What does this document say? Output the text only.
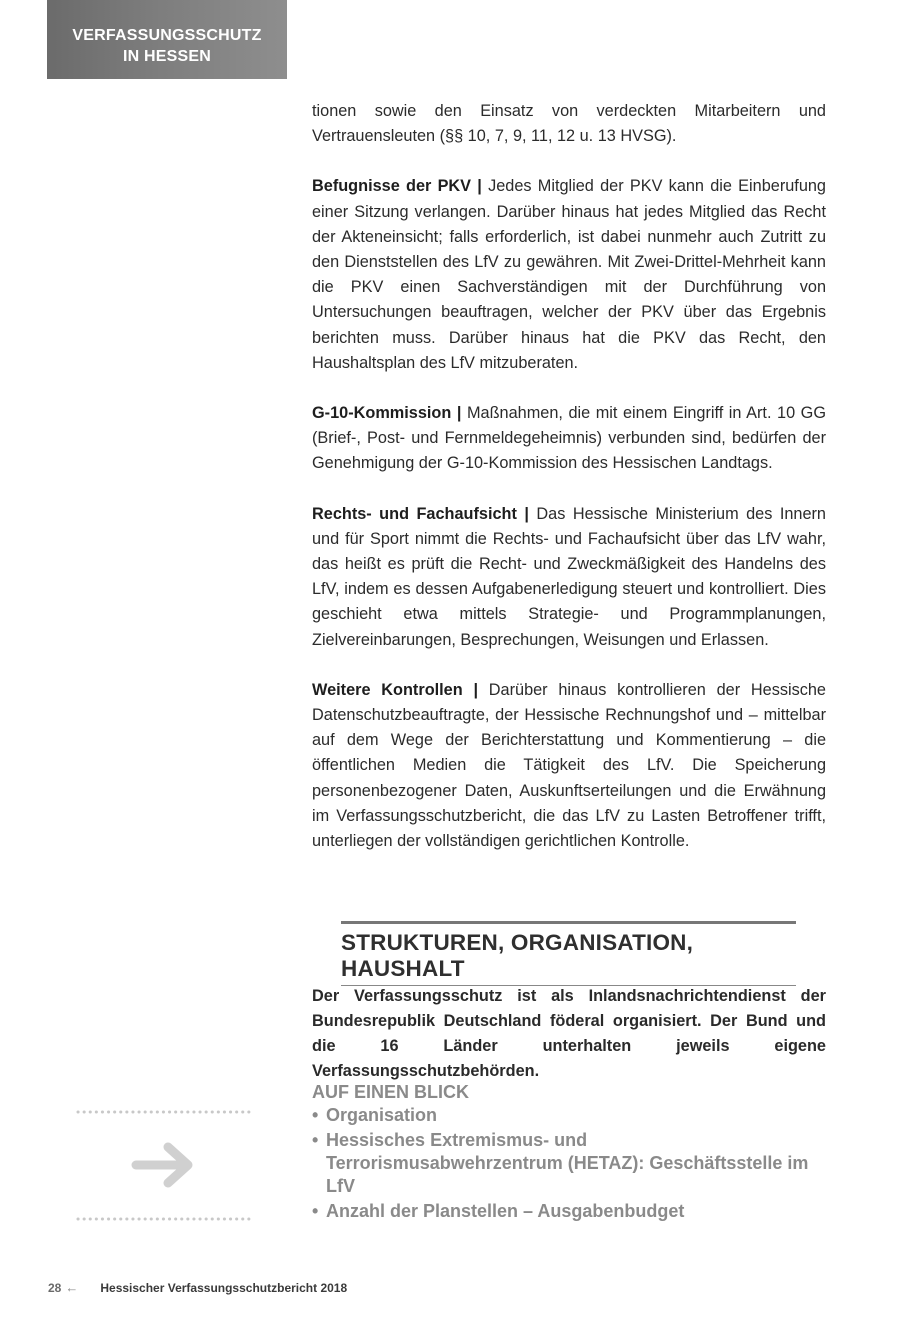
VERFASSUNGSSCHUTZ
IN HESSEN

tionen sowie den Einsatz von verdeckten Mitarbeitern und Vertrauensleuten (§§ 10, 7, 9, 11, 12 u. 13 HVSG).

Befugnisse der PKV | Jedes Mitglied der PKV kann die Einberufung einer Sitzung verlangen. Darüber hinaus hat jedes Mitglied das Recht der Akteneinsicht; falls erforderlich, ist dabei nunmehr auch Zutritt zu den Dienststellen des LfV zu gewähren. Mit Zwei-Drittel-Mehrheit kann die PKV einen Sachverständigen mit der Durchführung von Untersuchungen beauftragen, welcher der PKV über das Ergebnis berichten muss. Darüber hinaus hat die PKV das Recht, den Haushaltsplan des LfV mitzuberaten.

G-10-Kommission | Maßnahmen, die mit einem Eingriff in Art. 10 GG (Brief-, Post- und Fernmeldegeheimnis) verbunden sind, bedürfen der Genehmigung der G-10-Kommission des Hessischen Landtags.

Rechts- und Fachaufsicht | Das Hessische Ministerium des Innern und für Sport nimmt die Rechts- und Fachaufsicht über das LfV wahr, das heißt es prüft die Recht- und Zweckmäßigkeit des Handelns des LfV, indem es dessen Aufgabenerledigung steuert und kontrolliert. Dies geschieht etwa mittels Strategie- und Programmplanungen, Zielvereinbarungen, Besprechungen, Weisungen und Erlassen.

Weitere Kontrollen | Darüber hinaus kontrollieren der Hessische Datenschutzbeauftragte, der Hessische Rechnungshof und – mittelbar auf dem Wege der Berichterstattung und Kommentierung – die öffentlichen Medien die Tätigkeit des LfV. Die Speicherung personenbezogener Daten, Auskunftserteilungen und die Erwähnung im Verfassungsschutzbericht, die das LfV zu Lasten Betroffener trifft, unterliegen der vollständigen gerichtlichen Kontrolle.

STRUKTUREN, ORGANISATION, HAUSHALT
Der Verfassungsschutz ist als Inlandsnachrichtendienst der Bundesrepublik Deutschland föderal organisiert. Der Bund und die 16 Länder unterhalten jeweils eigene Verfassungsschutzbehörden.
AUF EINEN BLICK
• Organisation
• Hessisches Extremismus- und Terrorismusabwehrzentrum (HETAZ): Geschäftsstelle im LfV
• Anzahl der Planstellen – Ausgabenbudget
28 ← Hessischer Verfassungsschutzbericht 2018
